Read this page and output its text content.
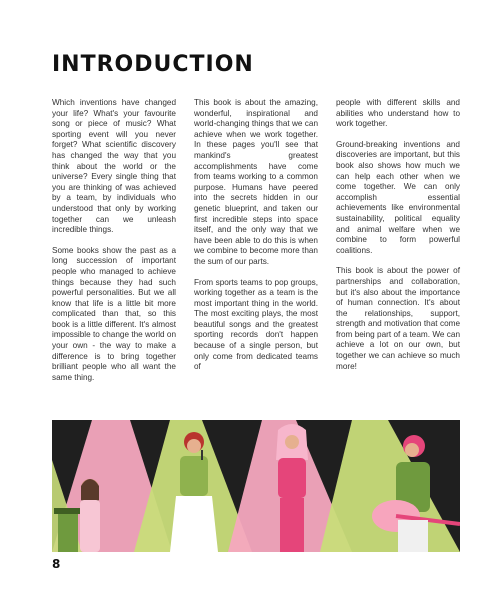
INTRODUCTION

Which inventions have changed your life? What's your favourite song or piece of music? What sporting event will you never forget? What scientific discovery has changed the way that you think about the world or the universe? Every single thing that you are thinking of was achieved by a team, by individuals who understood that only by working together can we unleash incredible things.

Some books show the past as a long succession of important people who managed to achieve things because they had such powerful personalities. But we all know that life is a little bit more complicated than that, so this book is a little different. It's almost impossible to change the world on your own - the way to make a difference is to bring together brilliant people who all want the same thing.

This book is about the amazing, wonderful, inspirational and world-changing things that we can achieve when we work together. In these pages you'll see that mankind's greatest accomplishments have come from teams working to a common purpose. Humans have peered into the secrets hidden in our genetic blueprint, and taken our first incredible steps into space itself, and the only way that we have been able to do this is when we combine to become more than the sum of our parts.

From sports teams to pop groups, working together as a team is the most important thing in the world. The most exciting plays, the most beautiful songs and the greatest sporting records don't happen because of a single person, but only come from dedicated teams of

people with different skills and abilities who understand how to work together.

Ground-breaking inventions and discoveries are important, but this book also shows how much we can help each other when we come together. We can only accomplish essential achievements like environmental sustainability, political equality and animal welfare when we combine to form powerful coalitions.

This book is about the power of partnerships and collaboration, but it's also about the importance of human connection. It's about the relationships, support, strength and motivation that come from being part of a team. We can achieve a lot on our own, but together we can achieve so much more!

8
